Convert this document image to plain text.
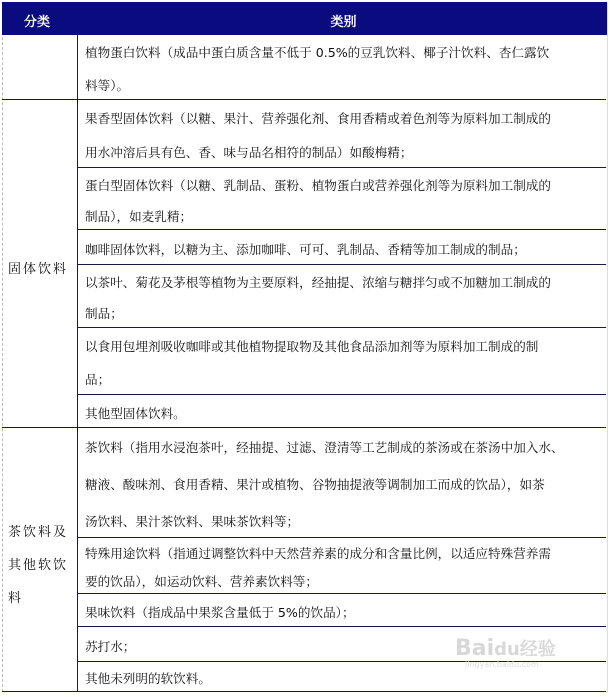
分类	类别
固体饮料
茶饮料及
其他软饮
料
植物蛋白饮料（成品中蛋白质含量不低于 0.5%的豆乳饮料、椰子汁饮料、杏仁露饮
料等）。
果香型固体饮料（以糖、果汁、营养强化剂、食用香精或着色剂等为原料加工制成的
用水冲溶后具有色、香、味与品名相符的制品）如酸梅精；
蛋白型固体饮料（以糖、乳制品、蛋粉、植物蛋白或营养强化剂等为原料加工制成的
制品），如麦乳精；
咖啡固体饮料，以糖为主、添加咖啡、可可、乳制品、香精等加工制成的制品；
以茶叶、菊花及茅根等植物为主要原料，经抽提、浓缩与糖拌匀或不加糖加工制成的
制品；
以食用包埋剂吸收咖啡或其他植物提取物及其他食品添加剂等为原料加工制成的制
品；
其他型固体饮料。
茶饮料（指用水浸泡茶叶，经抽提、过滤、澄清等工艺制成的茶汤或在茶汤中加入水、
糖液、酸味剂、食用香精、果汁或植物、谷物抽提液等调制加工而成的饮品），如茶
汤饮料、果汁茶饮料、果味茶饮料等；
特殊用途饮料（指通过调整饮料中天然营养素的成分和含量比例，以适应特殊营养需
要的饮品），如运动饮料、营养素饮料等；
果味饮料（指成品中果浆含量低于 5%的饮品）；
苏打水；
其他未列明的软饮料。
Baidu经验
jingyan.baidu.com
